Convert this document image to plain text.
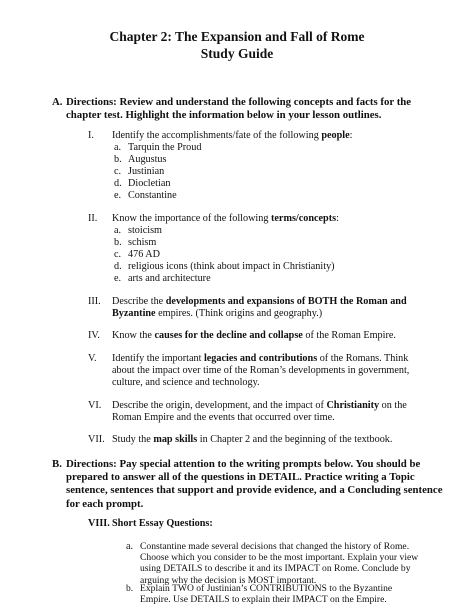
Chapter 2: The Expansion and Fall of Rome
Study Guide
A. Directions: Review and understand the following concepts and facts for the chapter test. Highlight the information below in your lesson outlines.
I. Identify the accomplishments/fate of the following people:
a. Tarquin the Proud
b. Augustus
c. Justinian
d. Diocletian
e. Constantine
II. Know the importance of the following terms/concepts:
a. stoicism
b. schism
c. 476 AD
d. religious icons (think about impact in Christianity)
e. arts and architecture
III. Describe the developments and expansions of BOTH the Roman and Byzantine empires. (Think origins and geography.)
IV. Know the causes for the decline and collapse of the Roman Empire.
V. Identify the important legacies and contributions of the Romans. Think about the impact over time of the Roman’s developments in government, culture, and science and technology.
VI. Describe the origin, development, and the impact of Christianity on the Roman Empire and the events that occurred over time.
VII. Study the map skills in Chapter 2 and the beginning of the textbook.
B. Directions: Pay special attention to the writing prompts below. You should be prepared to answer all of the questions in DETAIL. Practice writing a Topic sentence, sentences that support and provide evidence, and a Concluding sentence for each prompt.
VIII. Short Essay Questions:
a. Constantine made several decisions that changed the history of Rome. Choose which you consider to be the most important. Explain your view using DETAILS to describe it and its IMPACT on Rome. Conclude by arguing why the decision is MOST important.
b. Explain TWO of Justinian’s CONTRIBUTIONS to the Byzantine Empire. Use DETAILS to explain their IMPACT on the Empire.
